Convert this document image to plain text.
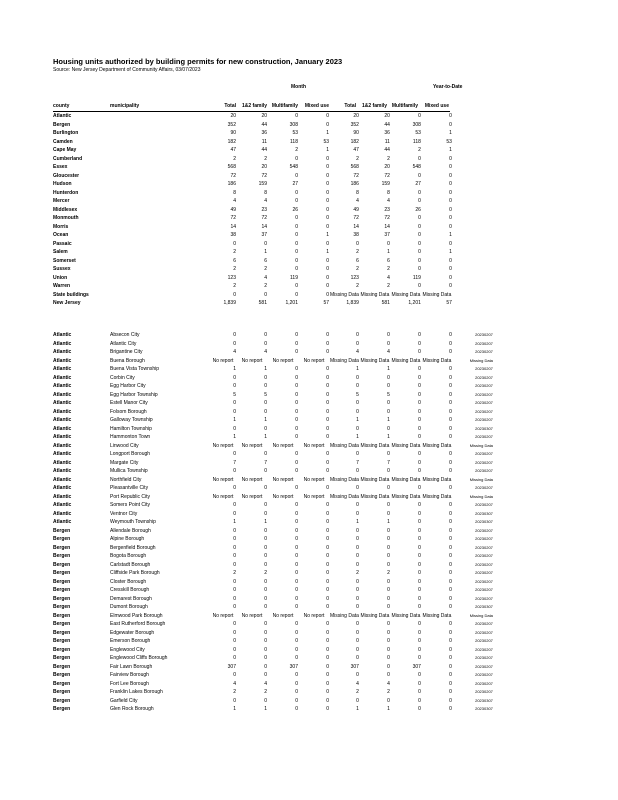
Housing units authorized by building permits for new construction, January 2023
Source: New Jersey Department of Community Affairs, 03/07/2023
Month	Year-to-Date
county	municipality	Total	1&2 family	Multifamily	Mixed use	Total	1&2 family	Multifamily	Mixed use	
Atlantic		20	20	0	0	20	20	0	0	
Bergen		352	44	308	0	352	44	308	0	
Burlington		90	36	53	1	90	36	53	1	
Camden		182	11	118	53	182	11	118	53	
Cape May		47	44	2	1	47	44	2	1	
Cumberland		2	2	0	0	2	2	0	0	
Essex		568	20	548	0	568	20	548	0	
Gloucester		72	72	0	0	72	72	0	0	
Hudson		186	159	27	0	186	159	27	0	
Hunterdon		8	8	0	0	8	8	0	0	
Mercer		4	4	0	0	4	4	0	0	
Middlesex		49	23	26	0	49	23	26	0	
Monmouth		72	72	0	0	72	72	0	0	
Morris		14	14	0	0	14	14	0	0	
Ocean		38	37	0	1	38	37	0	1	
Passaic		0	0	0	0	0	0	0	0	
Salem		2	1	0	1	2	1	0	1	
Somerset		6	6	0	0	6	6	0	0	
Sussex		2	2	0	0	2	2	0	0	
Union		123	4	119	0	123	4	119	0	
Warren		2	2	0	0	2	2	0	0	
State buildings		0	0	0	0	Missing Data	Missing Data	Missing Data	Missing Data	
New Jersey		1,839	581	1,201	57	1,839	581	1,201	57	
Atlantic	Absecon City	0	0	0	0	0	0	0	0	20230207
Atlantic	Atlantic City	0	0	0	0	0	0	0	0	20230207
Atlantic	Brigantine City	4	4	0	0	4	4	0	0	20230207
Atlantic	Buena Borough	No report	No report	No report	No report	Missing Data	Missing Data	Missing Data	Missing Data	Missing Data
Atlantic	Buena Vista Township	1	1	0	0	1	1	0	0	20230207
Atlantic	Corbin City	0	0	0	0	0	0	0	0	20230207
Atlantic	Egg Harbor City	0	0	0	0	0	0	0	0	20230207
Atlantic	Egg Harbor Township	5	5	0	0	5	5	0	0	20230207
Atlantic	Estell Manor City	0	0	0	0	0	0	0	0	20230207
Atlantic	Folsom Borough	0	0	0	0	0	0	0	0	20230207
Atlantic	Galloway Township	1	1	0	0	1	1	0	0	20230207
Atlantic	Hamilton Township	0	0	0	0	0	0	0	0	20230307
Atlantic	Hammonton Town	1	1	0	0	1	1	0	0	20230207
Atlantic	Linwood City	No report	No report	No report	No report	Missing Data	Missing Data	Missing Data	Missing Data	Missing Data
Atlantic	Longport Borough	0	0	0	0	0	0	0	0	20230207
Atlantic	Margate City	7	7	0	0	7	7	0	0	20230207
Atlantic	Mullica Township	0	0	0	0	0	0	0	0	20230207
Atlantic	Northfield City	No report	No report	No report	No report	Missing Data	Missing Data	Missing Data	Missing Data	Missing Data
Atlantic	Pleasantville City	0	0	0	0	0	0	0	0	20230207
Atlantic	Port Republic City	No report	No report	No report	No report	Missing Data	Missing Data	Missing Data	Missing Data	Missing Data
Atlantic	Somers Point City	0	0	0	0	0	0	0	0	20230207
Atlantic	Ventnor City	0	0	0	0	0	0	0	0	20230307
Atlantic	Weymouth Township	1	1	0	0	1	1	0	0	20230307
Bergen	Allendale Borough	0	0	0	0	0	0	0	0	20230207
Bergen	Alpine Borough	0	0	0	0	0	0	0	0	20230207
Bergen	Bergenfield Borough	0	0	0	0	0	0	0	0	20230207
Bergen	Bogota Borough	0	0	0	0	0	0	0	0	20230207
Bergen	Carlstadt Borough	0	0	0	0	0	0	0	0	20230207
Bergen	Cliffside Park Borough	2	2	0	0	2	2	0	0	20230207
Bergen	Closter Borough	0	0	0	0	0	0	0	0	20230207
Bergen	Cresskill Borough	0	0	0	0	0	0	0	0	20230207
Bergen	Demarest Borough	0	0	0	0	0	0	0	0	20230207
Bergen	Dumont Borough	0	0	0	0	0	0	0	0	20230307
Bergen	Elmwood Park Borough	No report	No report	No report	No report	Missing Data	Missing Data	Missing Data	Missing Data	Missing Data
Bergen	East Rutherford Borough	0	0	0	0	0	0	0	0	20230207
Bergen	Edgewater Borough	0	0	0	0	0	0	0	0	20230207
Bergen	Emerson Borough	0	0	0	0	0	0	0	0	20230207
Bergen	Englewood City	0	0	0	0	0	0	0	0	20230207
Bergen	Englewood Cliffs Borough	0	0	0	0	0	0	0	0	20230207
Bergen	Fair Lawn Borough	307	0	307	0	307	0	307	0	20230207
Bergen	Fairview Borough	0	0	0	0	0	0	0	0	20230207
Bergen	Fort Lee Borough	4	4	0	0	4	4	0	0	20230207
Bergen	Franklin Lakes Borough	2	2	0	0	2	2	0	0	20230207
Bergen	Garfield City	0	0	0	0	0	0	0	0	20230307
Bergen	Glen Rock Borough	1	1	0	0	1	1	0	0	20230307
